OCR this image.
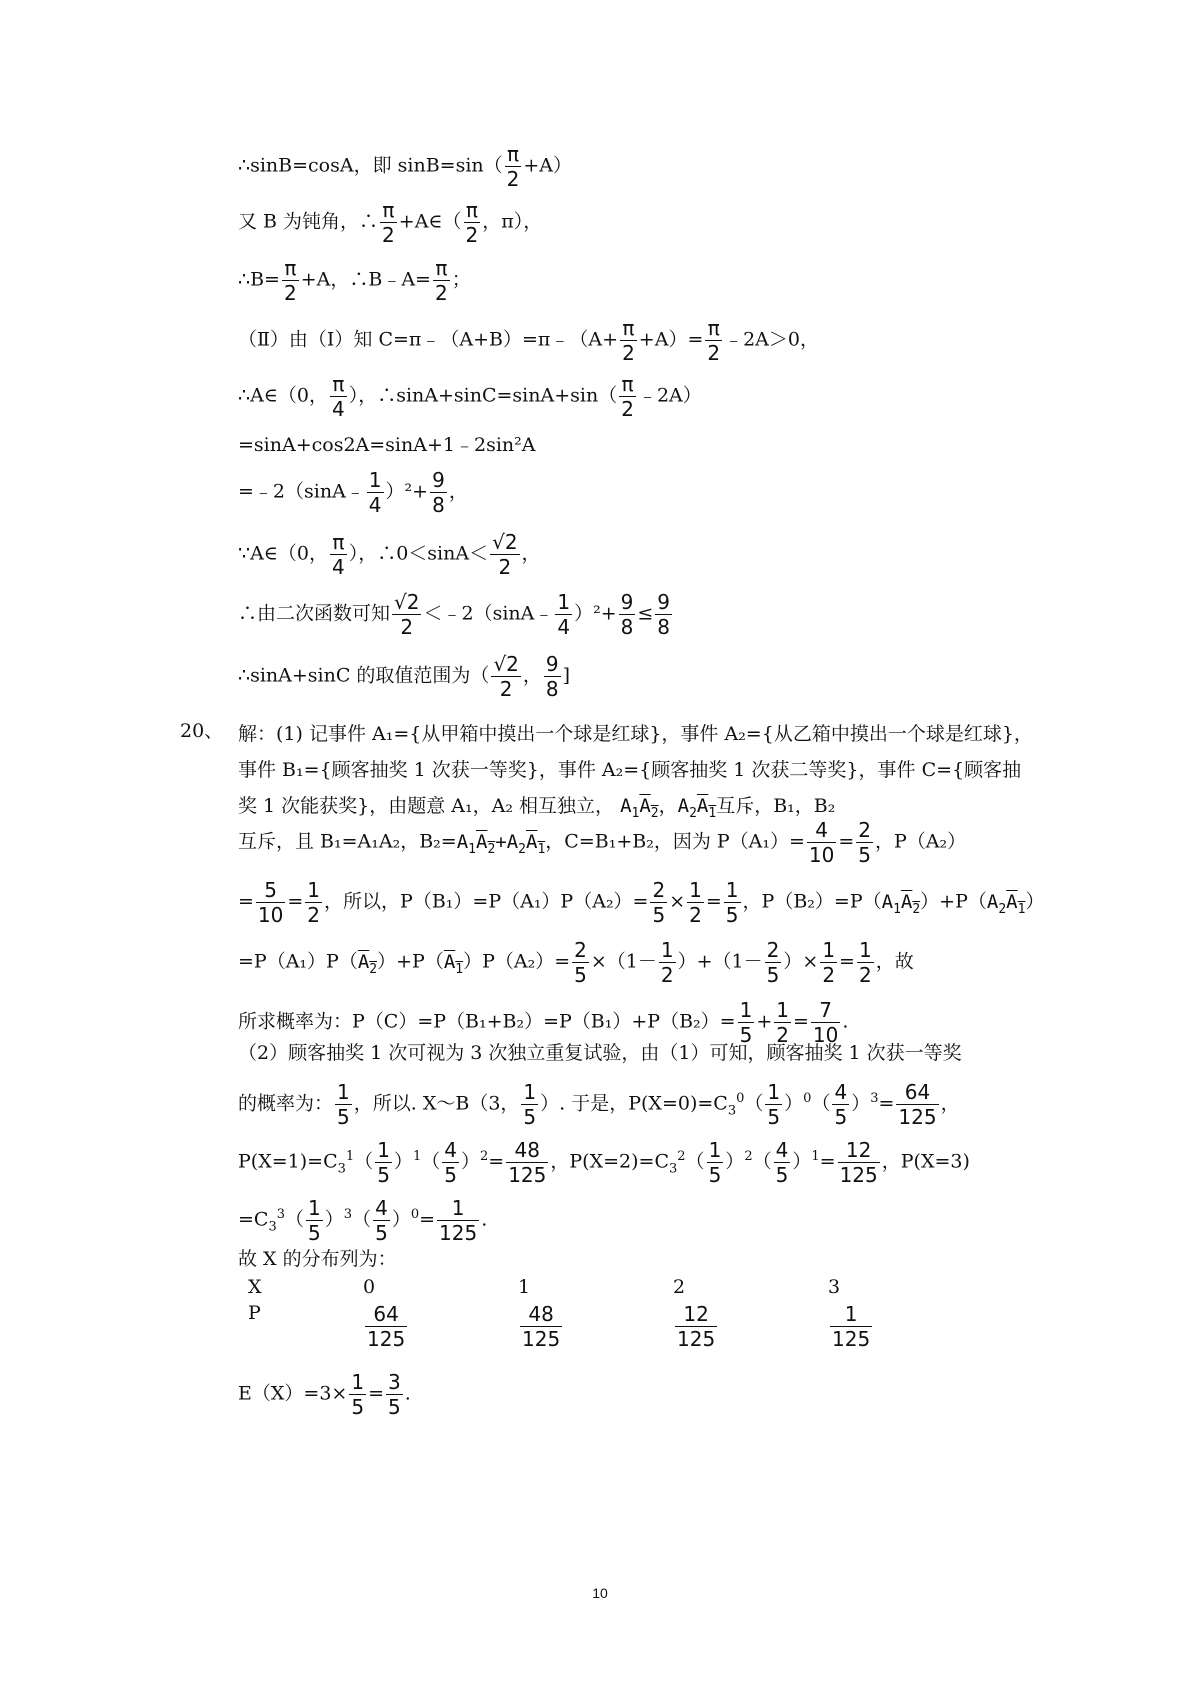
∴sinB=cosA，即 $\sin B=\sin( \frac{\pi}{2} +A)$
又 B 为钝角，∴ $\frac{\pi}{2}$ +A∈（ $\frac{\pi}{2}$ ，π），
∴B= $\frac{\pi}{2} +A$，∴B﹣A= $\frac{\pi}{2}$ ；
（Ⅱ）由（Ⅰ）知 C=π﹣（A+B）=π﹣（A+ $\frac{\pi}{2} +A)= \frac{\pi}{2}$ ﹣2A＞0，
∴A∈（0， $\frac{\pi}{4}$ ），∴sinA+sinC=sinA+sin（ $\frac{\pi}{2}$ ﹣2A）
=sinA+cos2A=sinA+1﹣2sin²A
=﹣2（sinA﹣ $\frac{1}{4} )^2+ \frac{9}{8}$ ，
∵A∈（0， $\frac{\pi}{4}$ ），∴0＜sinA＜ $\frac{√2}{2}$ ，
∴由二次函数可知 $\frac{√2}{2}$ ＜﹣2（sinA﹣ $\frac{1}{4} )^2+ \frac{9}{8} \le \frac{9}{8}$
∴sinA+sinC 的取值范围为（ $\frac{√2}{2}$ ， $\frac{9}{8}$ ]
20、 解：(1) 记事件 A₁={从甲箱中摸出一个球是红球}，事件 A₂={从乙箱中摸出一个球是红球}，事件 B₁={顾客抽奖 1 次获一等奖}，事件 A₂={顾客抽奖 1 次获二等奖}，事件 C={顾客抽奖 1 次能获奖}，由题意 A₁，A₂ 相互独立， $A_1A_2$，$A_2A_1$互斥，B₁，B₂
互斥，且 B₁=A₁A₂，$B_2=A_1A_2+A_2A_1$，C=B₁+B₂，因为 $P(A_1)= \frac{4}{10} = \frac{2}{5}$ ，P（A₂）
= $\frac{5}{10} = \frac{1}{2}$ ，所以，$P(B_1)=P(A_1)P(A_2)= \frac{2}{5} \times \frac{1}{2} = \frac{1}{5}$ ，$P(B_2)=P(A_1A_2)+P(A_2A_1)$
$=P(A_1)P(A_2)+P(A_1)P(A_2)= \frac{2}{5} \times(1- \frac{1}{2} )+(1- \frac{2}{5}$ ）× $\frac{1}{2} = \frac{1}{2}$ ，故
所求概率为：$P(C)=P(B_1+B_2)=P(B_1)+P(B_2)= \frac{1}{5} + \frac{1}{2} = \frac{7}{10}$ .
（2）顾客抽奖 1 次可视为 3 次独立重复试验，由（1）可知，顾客抽奖 1 次获一等奖
的概率为： $\frac{1}{5}$ ，所以. X～B（3， $\frac{1}{5}$ ）. 于是，$P(X=0)=C_3^0( \frac{1}{5} )^0( \frac{4}{5} )^3= \frac{64}{125}$ ，
$P(X=1)=C_3^1( \frac{1}{5} )^1( \frac{4}{5} )^2= \frac{48}{125}$ ，$P(X=2)=C_3^2( \frac{1}{5} )^2( \frac{4}{5} )^1= \frac{12}{125}$ ，P(X=3)
$=C_3^3( \frac{1}{5} )^3( \frac{4}{5} )^0= \frac{1}{125}$ .
故 X 的分布列为：
X	0	1	2	3
P	$\frac{64}{125}$	$\frac{48}{125}$	$\frac{12}{125}$	$\frac{1}{125}$
$E(X)=3\times \frac{1}{5} = \frac{3}{5}$ .
10
